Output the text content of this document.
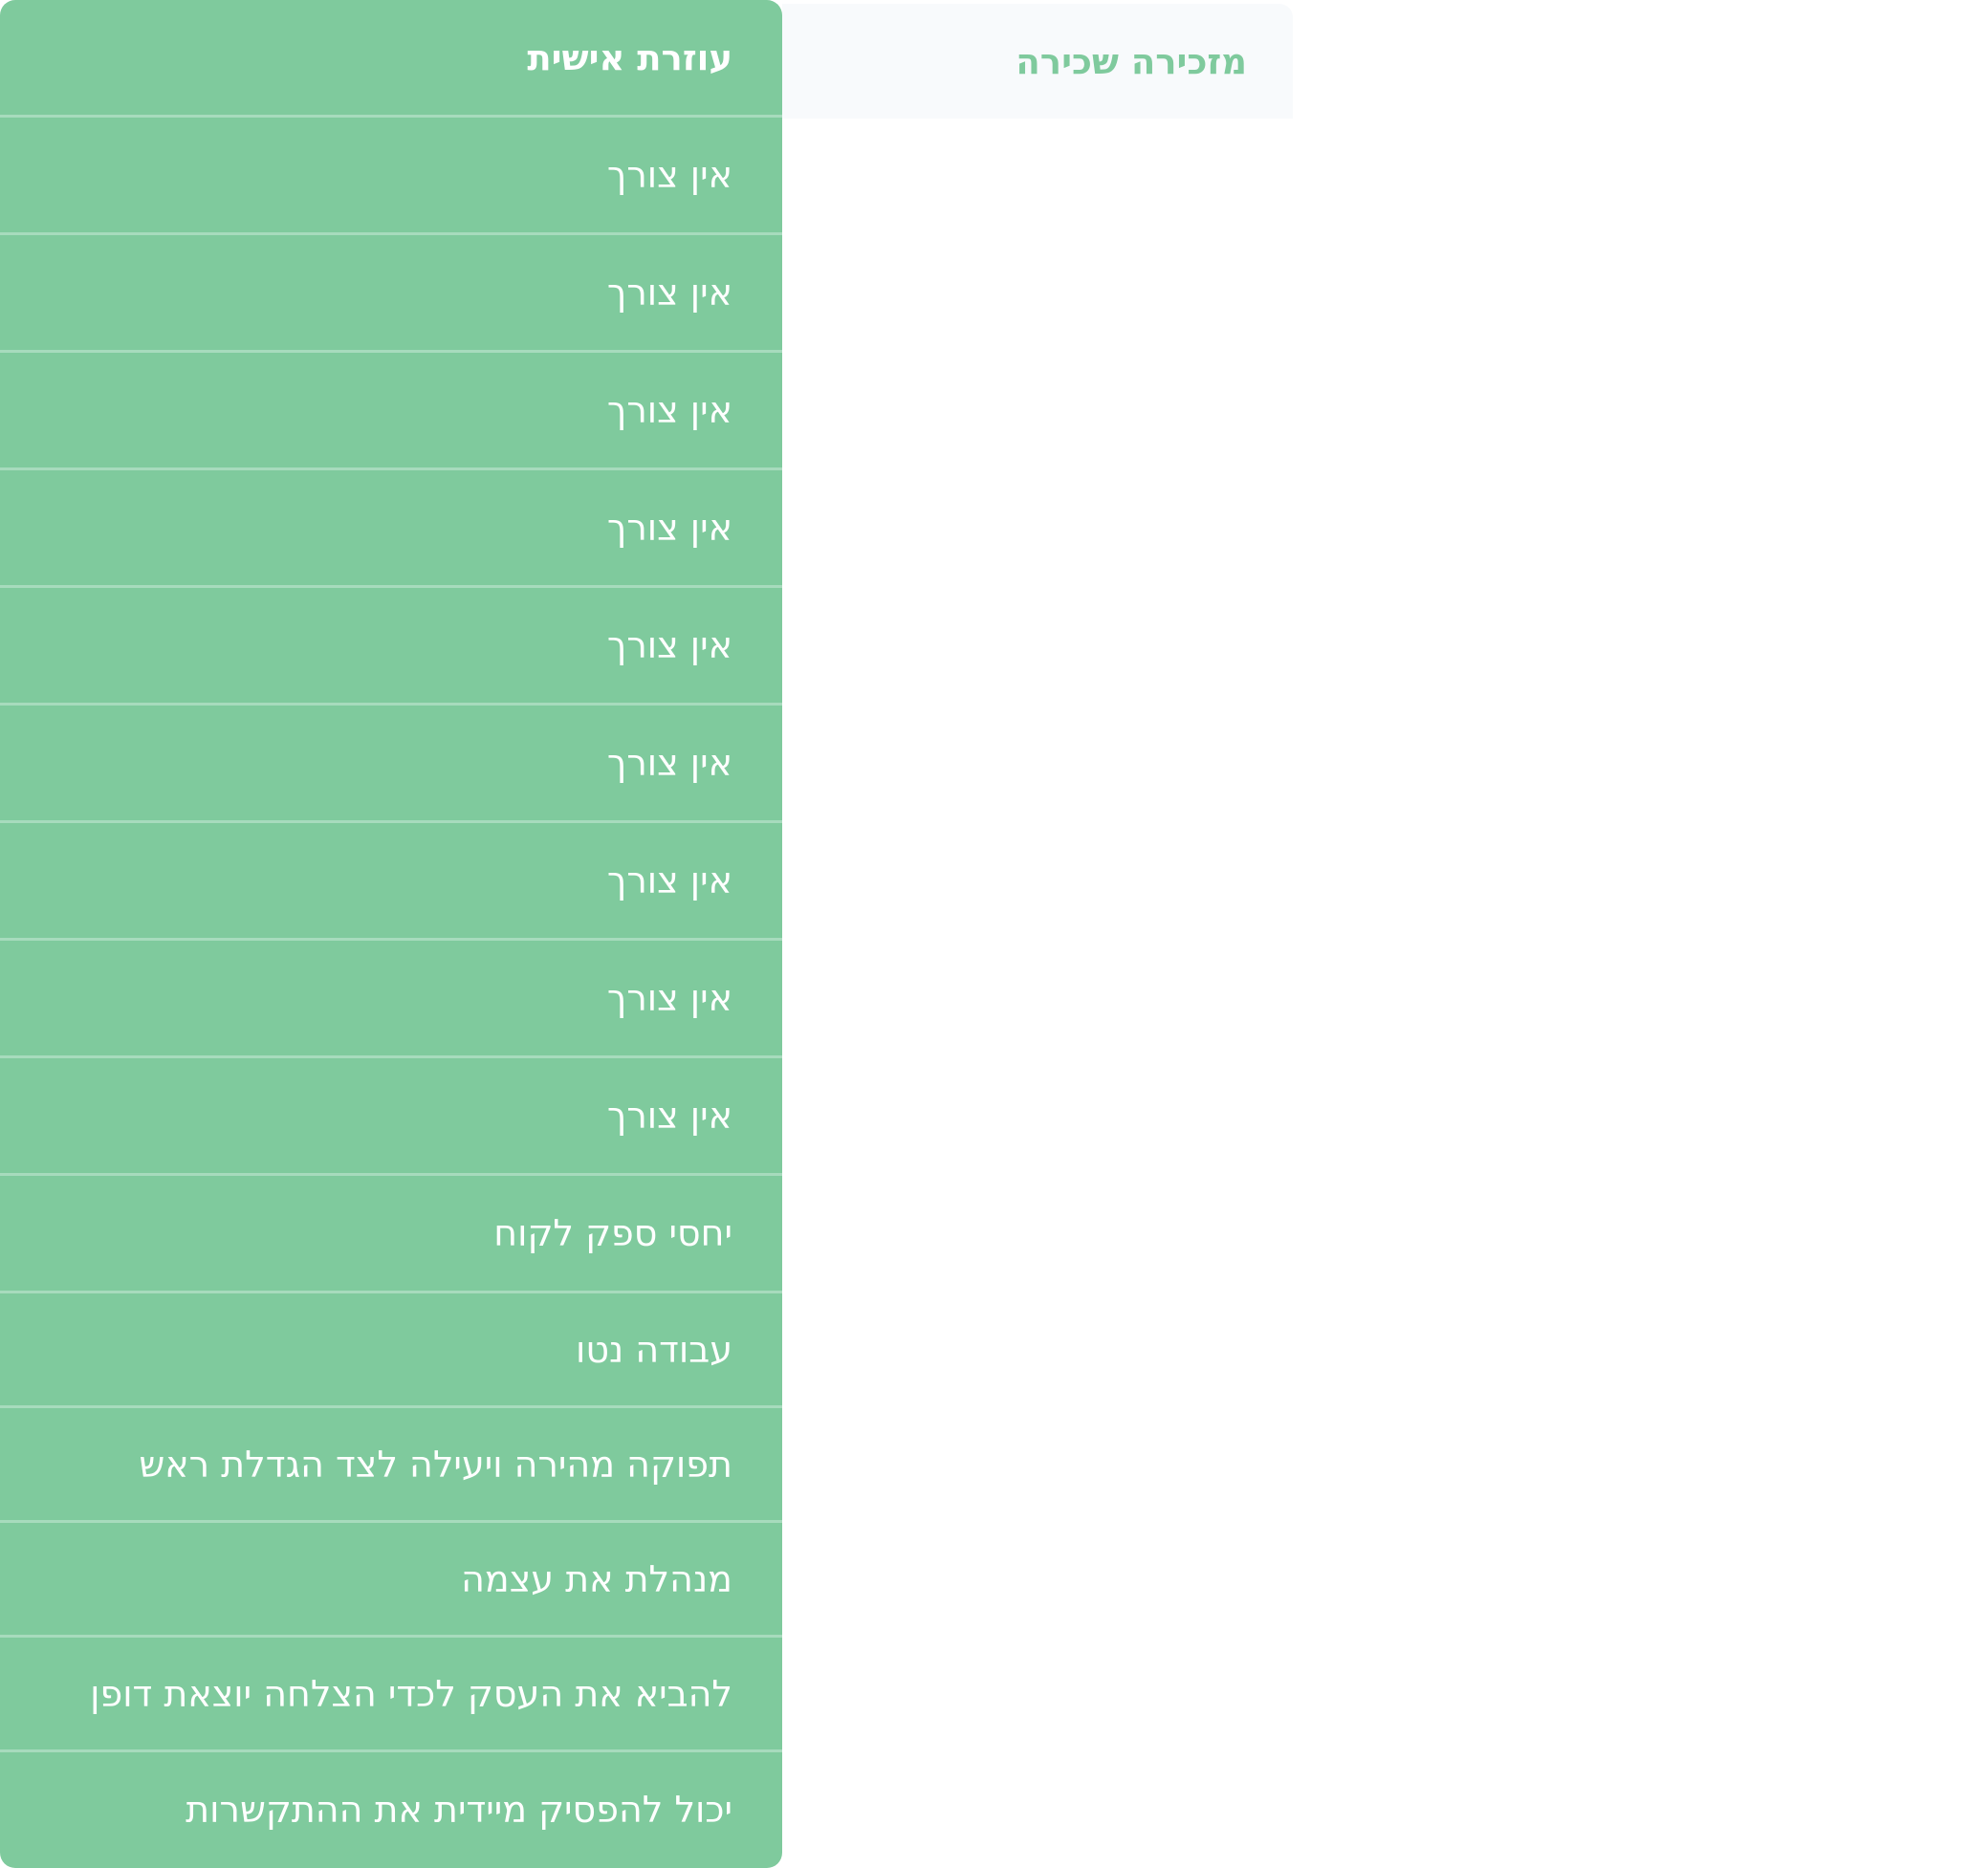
עוזרת אישית
אין צורך
אין צורך
אין צורך
אין צורך
אין צורך
אין צורך
אין צורך
אין צורך
אין צורך
יחסי ספק לקוח
עבודה נטו
תפוקה מהירה ויעילה לצד הגדלת ראש
מנהלת את עצמה
להביא את העסק לכדי הצלחה יוצאת דופן
יכול להפסיק מיידית את ההתקשרות
מזכירה שכירה
